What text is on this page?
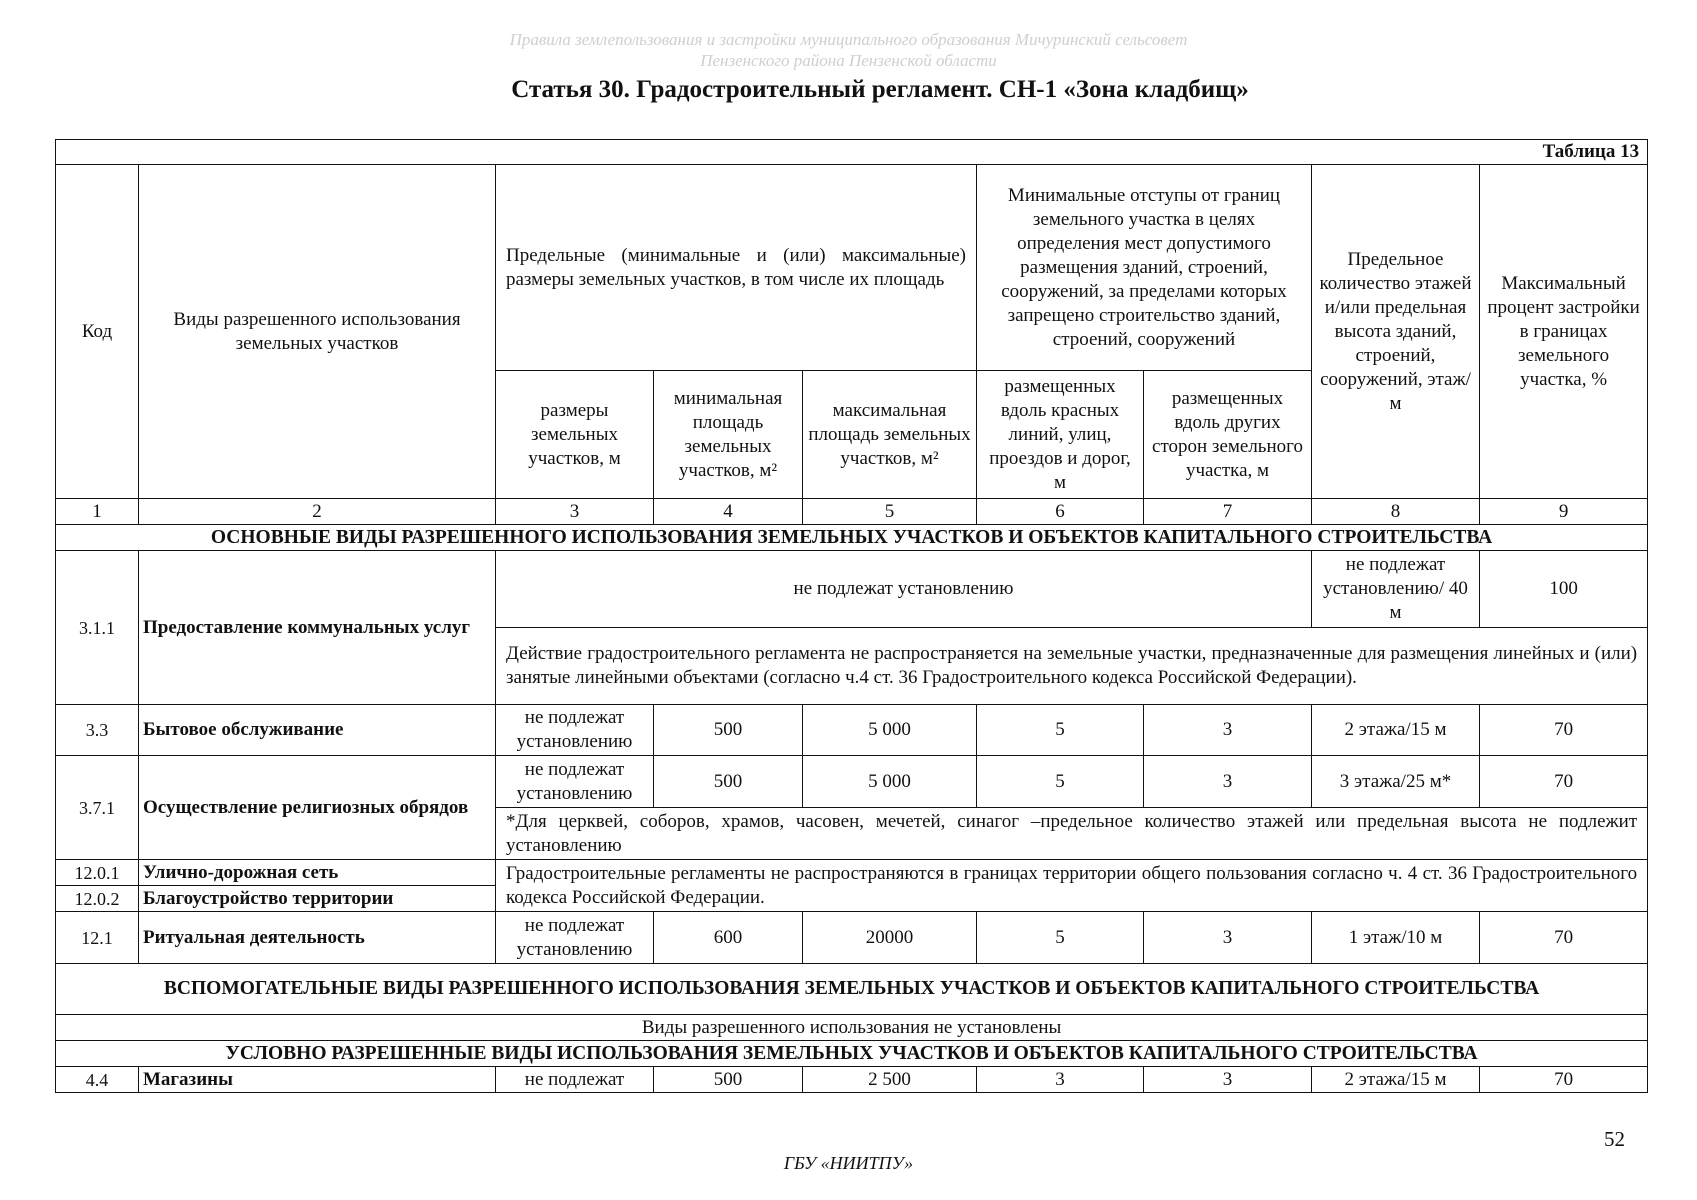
Правила землепользования и застройки муниципального образования Мичуринский сельсовет
Пензенского района Пензенской области
Статья 30. Градостроительный регламент. СН-1 «Зона кладбищ»
Таблица 13								
Код	Виды разрешенного использования земельных участков	Предельные (минимальные и (или) максимальные) размеры земельных участков, в том числе их площадь			Минимальные отступы от границ земельного участка в целях определения мест допустимого размещения зданий, строений, сооружений, за пределами которых запрещено строительство зданий, строений, сооружений		Предельное количество этажей и/или предельная высота зданий, строений, сооружений, этаж/м	Максимальный процент застройки в границах земельного участка, %
		размеры земельных участков, м	минимальная площадь земельных участков, м²	максимальная площадь земельных участков, м²	размещенных вдоль красных линий, улиц, проездов и дорог, м	размещенных вдоль других сторон земельного участка, м		
1	2	3	4	5	6	7	8	9
ОСНОВНЫЕ ВИДЫ РАЗРЕШЕННОГО ИСПОЛЬЗОВАНИЯ ЗЕМЕЛЬНЫХ УЧАСТКОВ И ОБЪЕКТОВ КАПИТАЛЬНОГО СТРОИТЕЛЬСТВА								
3.1.1	Предоставление коммунальных услуг	не подлежат установлению					не подлежат установлению/ 40 м	100
		Действие градостроительного регламента не распространяется на земельные участки, предназначенные для размещения линейных и (или) занятые линейными объектами (согласно ч.4 ст. 36 Градостроительного кодекса Российской Федерации).						
3.3	Бытовое обслуживание	не подлежат установлению	500	5 000	5	3	2 этажа/15 м	70
3.7.1	Осуществление религиозных обрядов	не подлежат установлению	500	5 000	5	3	3 этажа/25 м*	70
		*Для церквей, соборов, храмов, часовен, мечетей, синагог –предельное количество этажей или предельная высота не подлежит установлению						
12.0.1	Улично-дорожная сеть	Градостроительные регламенты не распространяются в границах территории общего пользования согласно ч. 4 ст. 36 Градостроительного кодекса Российской Федерации.						
12.0.2	Благоустройство территории							
12.1	Ритуальная деятельность	не подлежат установлению	600	20000	5	3	1 этаж/10 м	70
ВСПОМОГАТЕЛЬНЫЕ ВИДЫ РАЗРЕШЕННОГО ИСПОЛЬЗОВАНИЯ ЗЕМЕЛЬНЫХ УЧАСТКОВ И ОБЪЕКТОВ КАПИТАЛЬНОГО СТРОИТЕЛЬСТВА								
Виды разрешенного использования не установлены								
УСЛОВНО РАЗРЕШЕННЫЕ ВИДЫ ИСПОЛЬЗОВАНИЯ ЗЕМЕЛЬНЫХ УЧАСТКОВ И ОБЪЕКТОВ КАПИТАЛЬНОГО СТРОИТЕЛЬСТВА								
4.4	Магазины	не подлежат	500	2 500	3	3	2 этажа/15 м	70
52
ГБУ «НИИТПУ»
